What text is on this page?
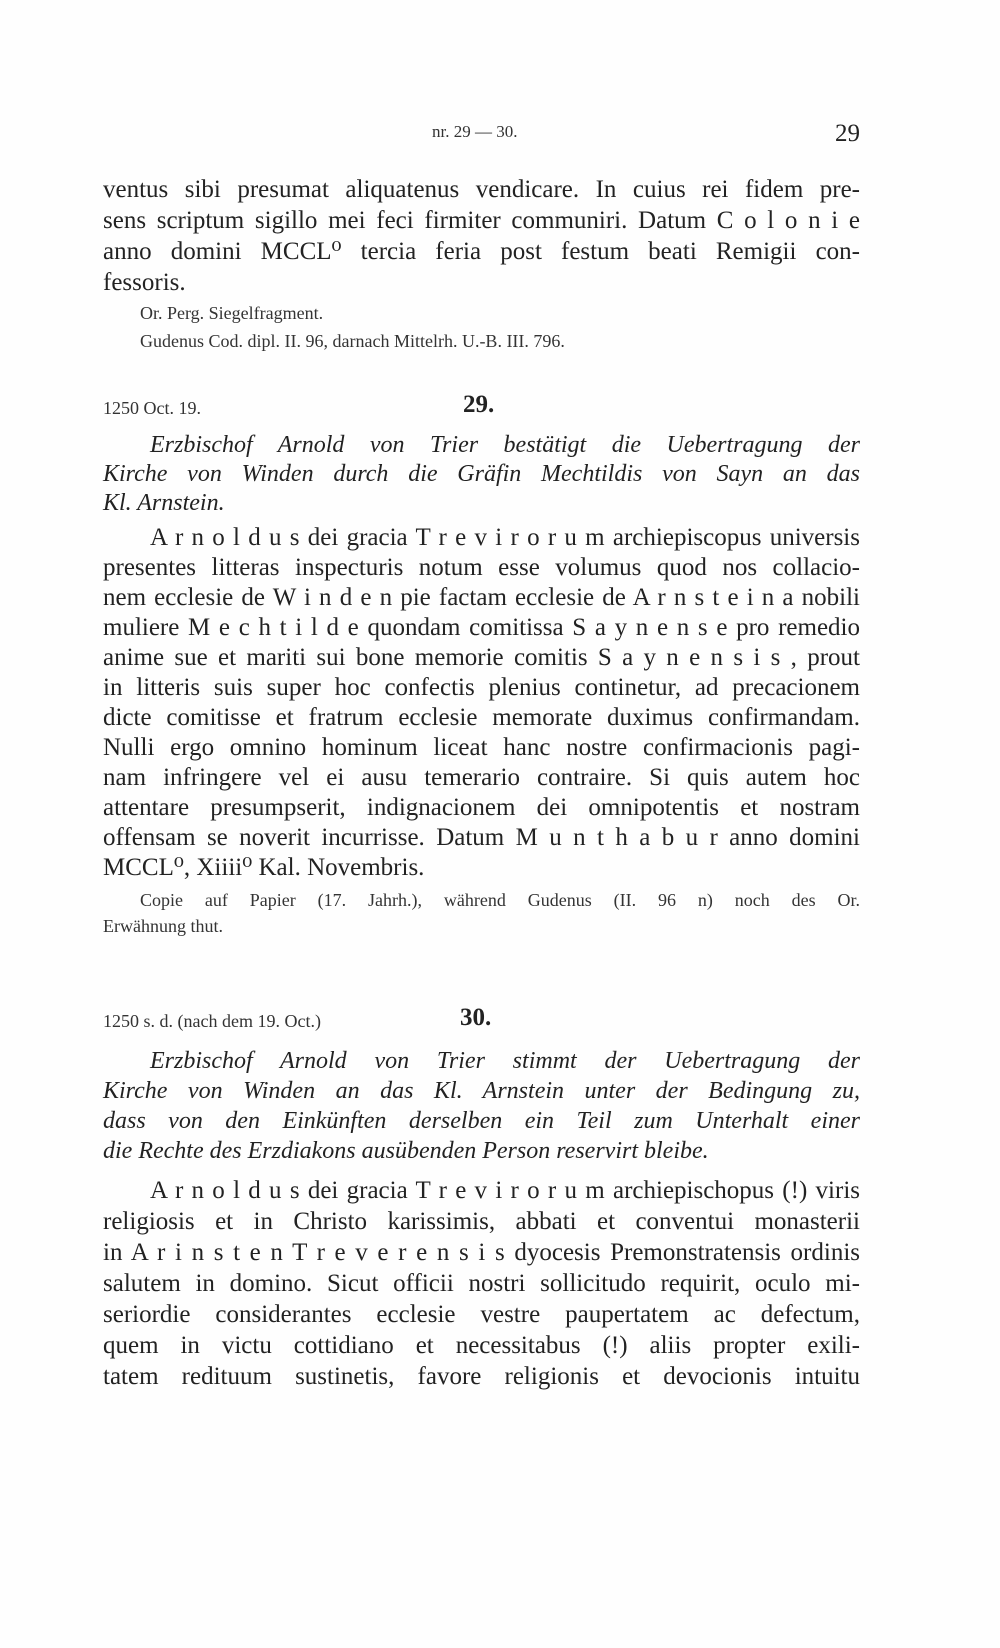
nr. 29 — 30.	29
ventus sibi presumat aliquatenus vendicare. In cuius rei fidem pre-
sens scriptum sigillo mei feci firmiter communiri. Datum C o l o n i e
anno domini MCCL⁰ tercia feria post festum beati Remigii con-
fessoris.
Or. Perg. Siegelfragment.
Gudenus Cod. dipl. II. 96, darnach Mittelrh. U.-B. III. 796.
1250 Oct. 19.	29.
Erzbischof Arnold von Trier bestätigt die Uebertragung der
Kirche von Winden durch die Gräfin Mechtildis von Sayn an das
Kl. Arnstein.
A r n o l d u s dei gracia T r e v i r o r u m archiepiscopus universis
presentes litteras inspecturis notum esse volumus quod nos collacio-
nem ecclesie de W i n d e n pie factam ecclesie de A r n s t e i n a nobili
muliere M e c h t i l d e quondam comitissa S a y n e n s e pro remedio
anime sue et mariti sui bone memorie comitis S a y n e n s i s , prout
in litteris suis super hoc confectis plenius continetur, ad precacionem
dicte comitisse et fratrum ecclesie memorate duximus confirmandam.
Nulli ergo omnino hominum liceat hanc nostre confirmacionis pagi-
nam infringere vel ei ausu temerario contraire. Si quis autem hoc
attentare presumpserit, indignacionem dei omnipotentis et nostram
offensam se noverit incurrisse. Datum M u n t h a b u r anno domini
MCCL⁰, Xiiii⁰ Kal. Novembris.
Copie auf Papier (17. Jahrh.), während Gudenus (II. 96 n) noch des Or.
Erwähnung thut.
1250 s. d. (nach dem 19. Oct.)	30.
Erzbischof Arnold von Trier stimmt der Uebertragung der
Kirche von Winden an das Kl. Arnstein unter der Bedingung zu,
dass von den Einkünften derselben ein Teil zum Unterhalt einer
die Rechte des Erzdiakons ausübenden Person reservirt bleibe.
A r n o l d u s dei gracia T r e v i r o r u m archiepischopus (!) viris
religiosis et in Christo karissimis, abbati et conventui monasterii
in A r i n s t e n T r e v e r e n s i s dyocesis Premonstratensis ordinis
salutem in domino. Sicut officii nostri sollicitudo requirit, oculo mi-
seriordie considerantes ecclesie vestre paupertatem ac defectum,
quem in victu cottidiano et necessitabus (!) aliis propter exili-
tatem redituum sustinetis, favore religionis et devocionis intuitu
